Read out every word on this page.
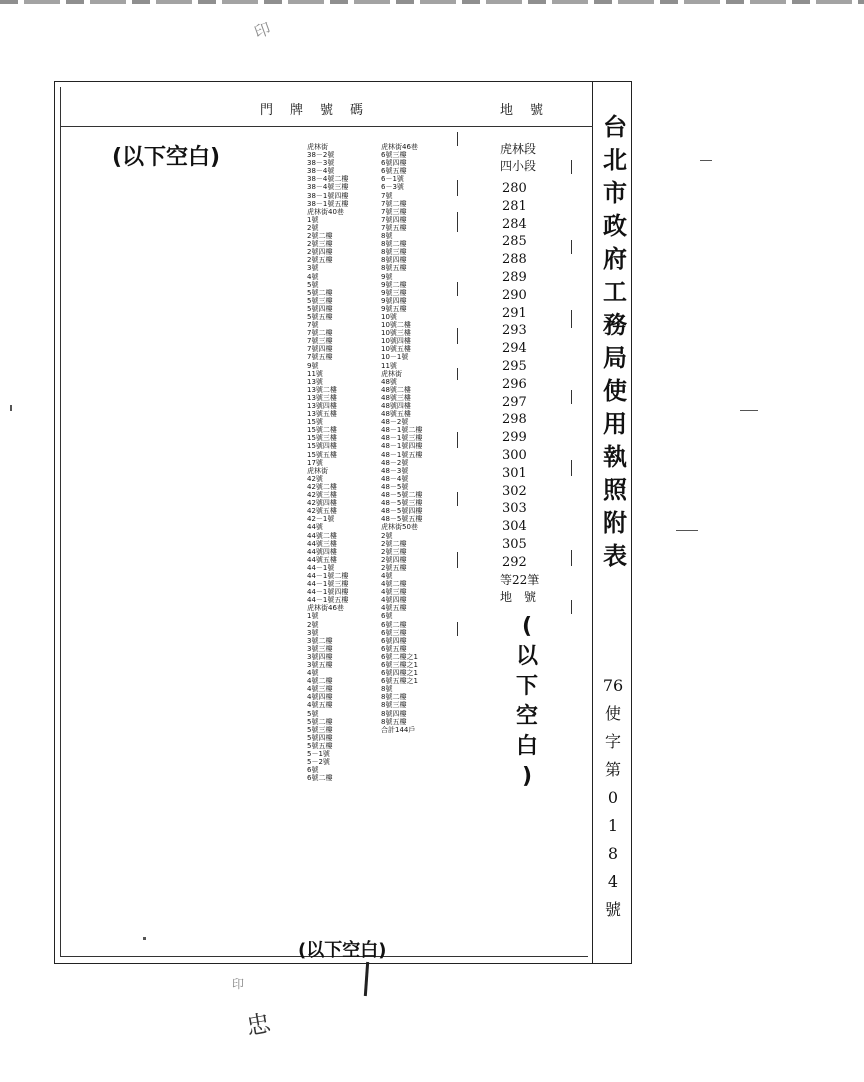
印
門　牌　號　碼	地　號
台
北
市
政
府
工
務
局
使
用
執
照
附
表
76
使
字
第
0
1
8
4
號
(以下空白)
(以下空白)
(
以
下
空
白
)
虎林街
38－2號
38－3號
38－4號
38－4號二樓
38－4號三樓
38－1號四樓
38－1號五樓
虎林街40巷
1號
2號
2號二樓
2號三樓
2號四樓
2號五樓
3號
4號
5號
5號二樓
5號三樓
5號四樓
5號五樓
7號
7號二樓
7號三樓
7號四樓
7號五樓
9號
11號
13號
13號二樓
13號三樓
13號四樓
13號五樓
15號
15號二樓
15號三樓
15號四樓
15號五樓
17號
虎林街
42號
42號二樓
42號三樓
42號四樓
42號五樓
42－1號
44號
44號二樓
44號三樓
44號四樓
44號五樓
44－1號
44－1號二樓
44－1號三樓
44－1號四樓
44－1號五樓
虎林街46巷
1號
2號
3號
3號二樓
3號三樓
3號四樓
3號五樓
4號
4號二樓
4號三樓
4號四樓
4號五樓
5號
5號二樓
5號三樓
5號四樓
5號五樓
5－1號
5－2號
6號
6號二樓
虎林街46巷
6號三樓
6號四樓
6號五樓
6－1號
6－3號
7號
7號二樓
7號三樓
7號四樓
7號五樓
8號
8號二樓
8號三樓
8號四樓
8號五樓
9號
9號二樓
9號三樓
9號四樓
9號五樓
10號
10號二樓
10號三樓
10號四樓
10號五樓
10－1號
11號
虎林街
48號
48號二樓
48號三樓
48號四樓
48號五樓
48－2號
48－1號二樓
48－1號三樓
48－1號四樓
48－1號五樓
48－2號
48－3號
48－4號
48－5號
48－5號二樓
48－5號三樓
48－5號四樓
48－5號五樓
虎林街50巷
2號
2號二樓
2號三樓
2號四樓
2號五樓
4號
4號二樓
4號三樓
4號四樓
4號五樓
6號
6號二樓
6號三樓
6號四樓
6號五樓
6號二樓之1
6號三樓之1
6號四樓之1
6號五樓之1
8號
8號二樓
8號三樓
8號四樓
8號五樓
合計144戶
虎林段
四小段
280
281
284
285
288
289
290
291
293
294
295
296
297
298
299
300
301
302
303
304
305
292
等22筆
地　號
印
忠
